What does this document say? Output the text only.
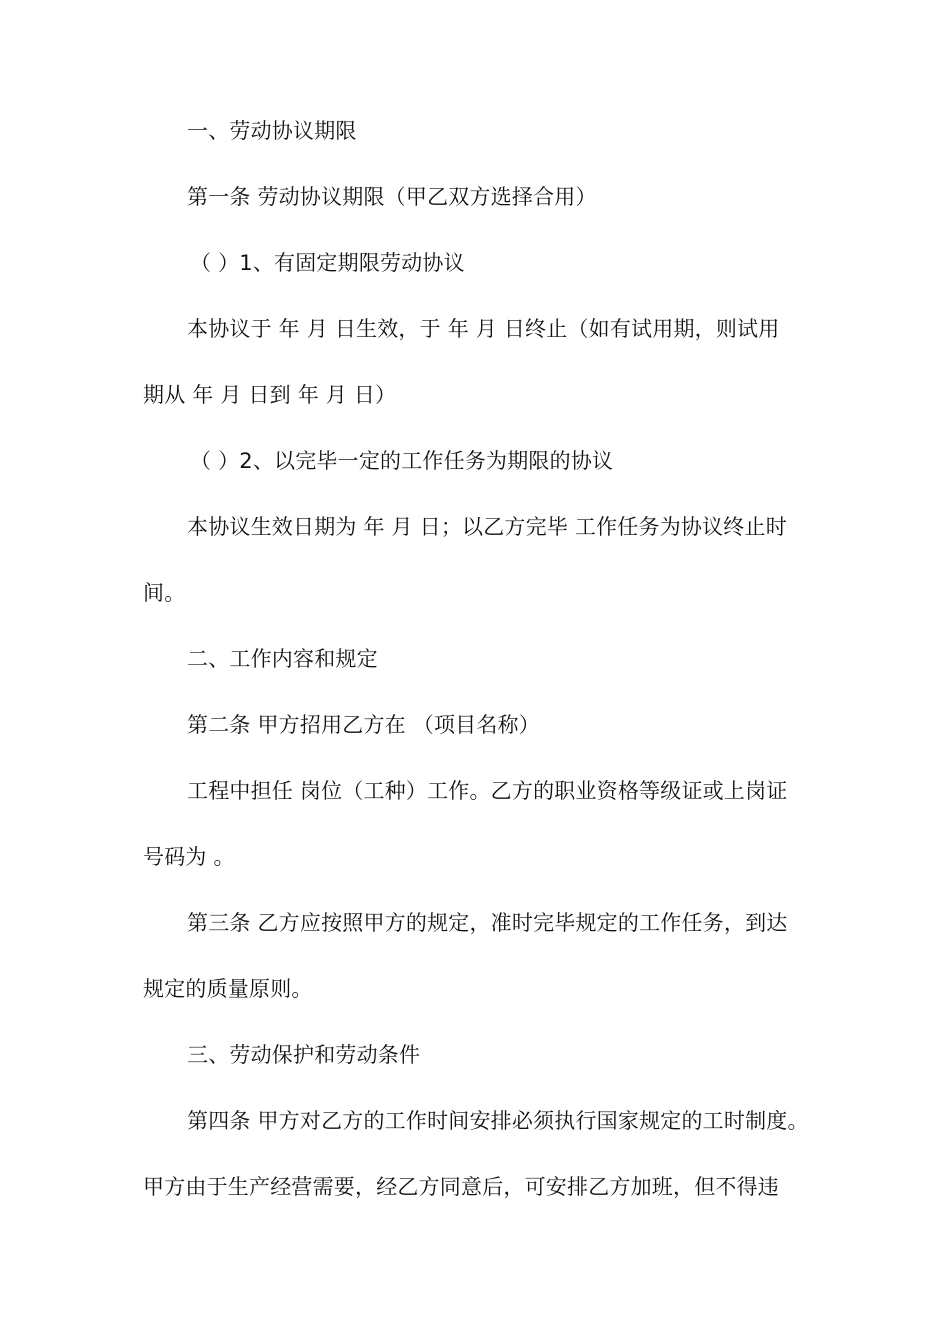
一、劳动协议期限
第一条 劳动协议期限（甲乙双方选择合用）
（ ）1、有固定期限劳动协议
本协议于 年 月 日生效，于 年 月 日终止（如有试用期，则试用
期从 年 月 日到 年 月 日）
（ ）2、以完毕一定的工作任务为期限的协议
本协议生效日期为 年 月 日；以乙方完毕 工作任务为协议终止时
间。
二、工作内容和规定
第二条 甲方招用乙方在 （项目名称）
工程中担任 岗位（工种）工作。乙方的职业资格等级证或上岗证
号码为 。
第三条 乙方应按照甲方的规定，准时完毕规定的工作任务，到达
规定的质量原则。
三、劳动保护和劳动条件
第四条 甲方对乙方的工作时间安排必须执行国家规定的工时制度。
甲方由于生产经营需要，经乙方同意后，可安排乙方加班，但不得违
